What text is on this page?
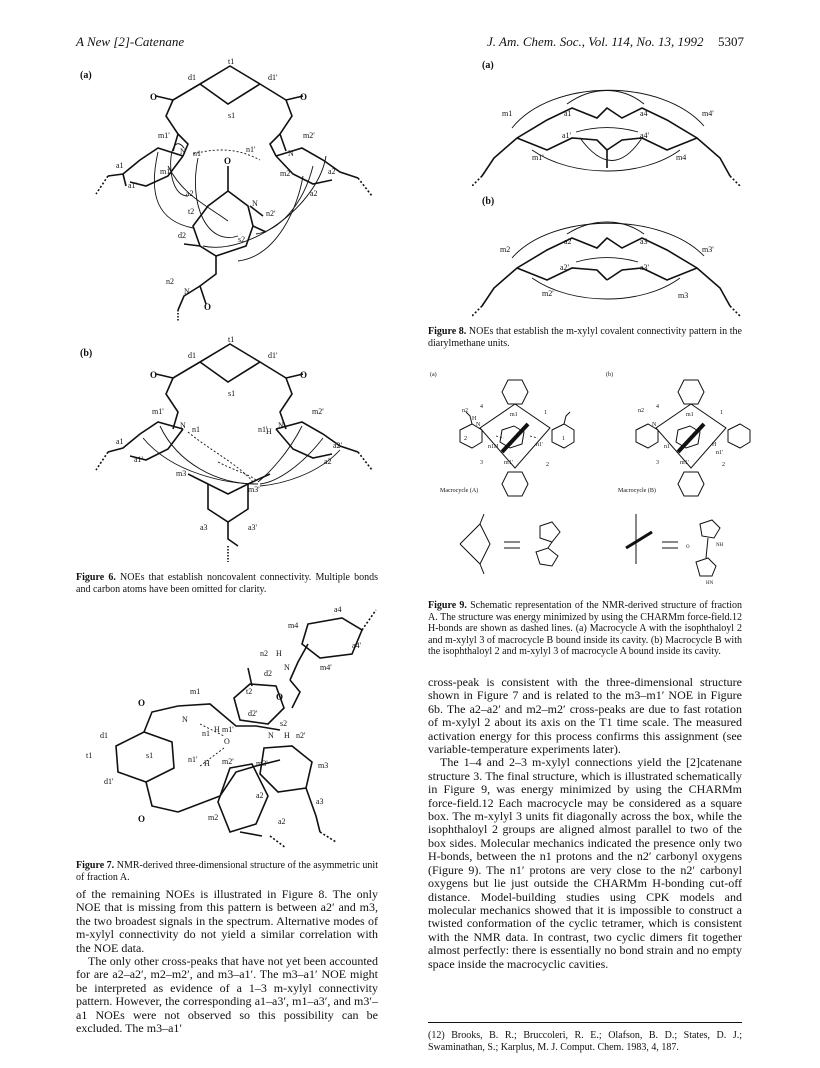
A New [2]-Catenane	J. Am. Chem. Soc., Vol. 114, No. 13, 1992 5307
(a)
t1
d1	d1'
s1
m1'	m2'
n1	n1'	N
N
a1
a1'
m1	m2	a2'
a2
a2
t2
d2	s2
N
n2'
n2
N
O	O
O
O
(b)
t1
d1	d1'
s1
m1'	m2'
n1	n1'
N	N
a1
a1'
m3'
m3
a2'
a2
a3	a3'
H
O	O
Figure 6. NOEs that establish noncovalent connectivity. Multiple bonds and carbon atoms have been omitted for clarity.
a4
m4
a4'
m4'
n2 H
N
d2
t2
m1
d2'
s2
m1'
d1
N
n1 H
O
N H n2'
s1
t1
d1'
n1' H m2'	m3'	m3
a2
a3
m2	a2
O
O
O
Figure 7. NMR-derived three-dimensional structure of the asymmetric unit of fraction A.
(a)
m1	a1	a4	m4'
a1'	a4'
m1'	m4
(b)
m2
a2	a3
m3'
a2'	a3'
m2'	m3
Figure 8. NOEs that establish the m-xylyl covalent connectivity pattern in the diarylmethane units.
(a)	(b)
1
2
3
4
n2
H
N
m1
n1 H
m1'
n1'
2	1
Macrocycle (A)
1
2
3
4
n2
N
m1
n1	H
m1'
n1'
Macrocycle (B)
NH
O
HN
Figure 9. Schematic representation of the NMR-derived structure of fraction A. The structure was energy minimized by using the CHARMm force-field.12 H-bonds are shown as dashed lines. (a) Macrocycle A with the isophthaloyl 2 and m-xylyl 3 of macrocycle B bound inside its cavity. (b) Macrocycle B with the isophthaloyl 2 and m-xylyl 3 of macrocycle A bound inside its cavity.

of the remaining NOEs is illustrated in Figure 8. The only NOE that is missing from this pattern is between a2′ and m3, the two broadest signals in the spectrum. Alternative modes of m-xylyl connectivity do not yield a similar correlation with the NOE data.

The only other cross-peaks that have not yet been accounted for are a2–a2′, m2–m2′, and m3–a1′. The m3–a1′ NOE might be interpreted as evidence of a 1–3 m-xylyl connectivity pattern. However, the corresponding a1–a3′, m1–a3′, and m3′–a1 NOEs were not observed so this possibility can be excluded. The m3–a1′

cross-peak is consistent with the three-dimensional structure shown in Figure 7 and is related to the m3–m1′ NOE in Figure 6b. The a2–a2′ and m2–m2′ cross-peaks are due to fast rotation of m-xylyl 2 about its axis on the T1 time scale. The measured activation energy for this process confirms this assignment (see variable-temperature experiments later).

The 1–4 and 2–3 m-xylyl connections yield the [2]catenane structure 3. The final structure, which is illustrated schematically in Figure 9, was energy minimized by using the CHARMm force-field.12 Each macrocycle may be considered as a square box. The m-xylyl 3 units fit diagonally across the box, while the isophthaloyl 2 groups are aligned almost parallel to two of the box sides. Molecular mechanics indicated the presence only two H-bonds, between the n1 protons and the n2′ carbonyl oxygens (Figure 9). The n1′ protons are very close to the n2′ carbonyl oxygens but lie just outside the CHARMm H-bonding cut-off distance. Model-building studies using CPK models and molecular mechanics showed that it is impossible to construct a twisted conformation of the cyclic tetramer, which is consistent with the NMR data. In contrast, two cyclic dimers fit together almost perfectly: there is essentially no bond strain and no empty space inside the macrocyclic cavities.

(12) Brooks, B. R.; Bruccoleri, R. E.; Olafson, B. D.; States, D. J.; Swaminathan, S.; Karplus, M. J. Comput. Chem. 1983, 4, 187.
